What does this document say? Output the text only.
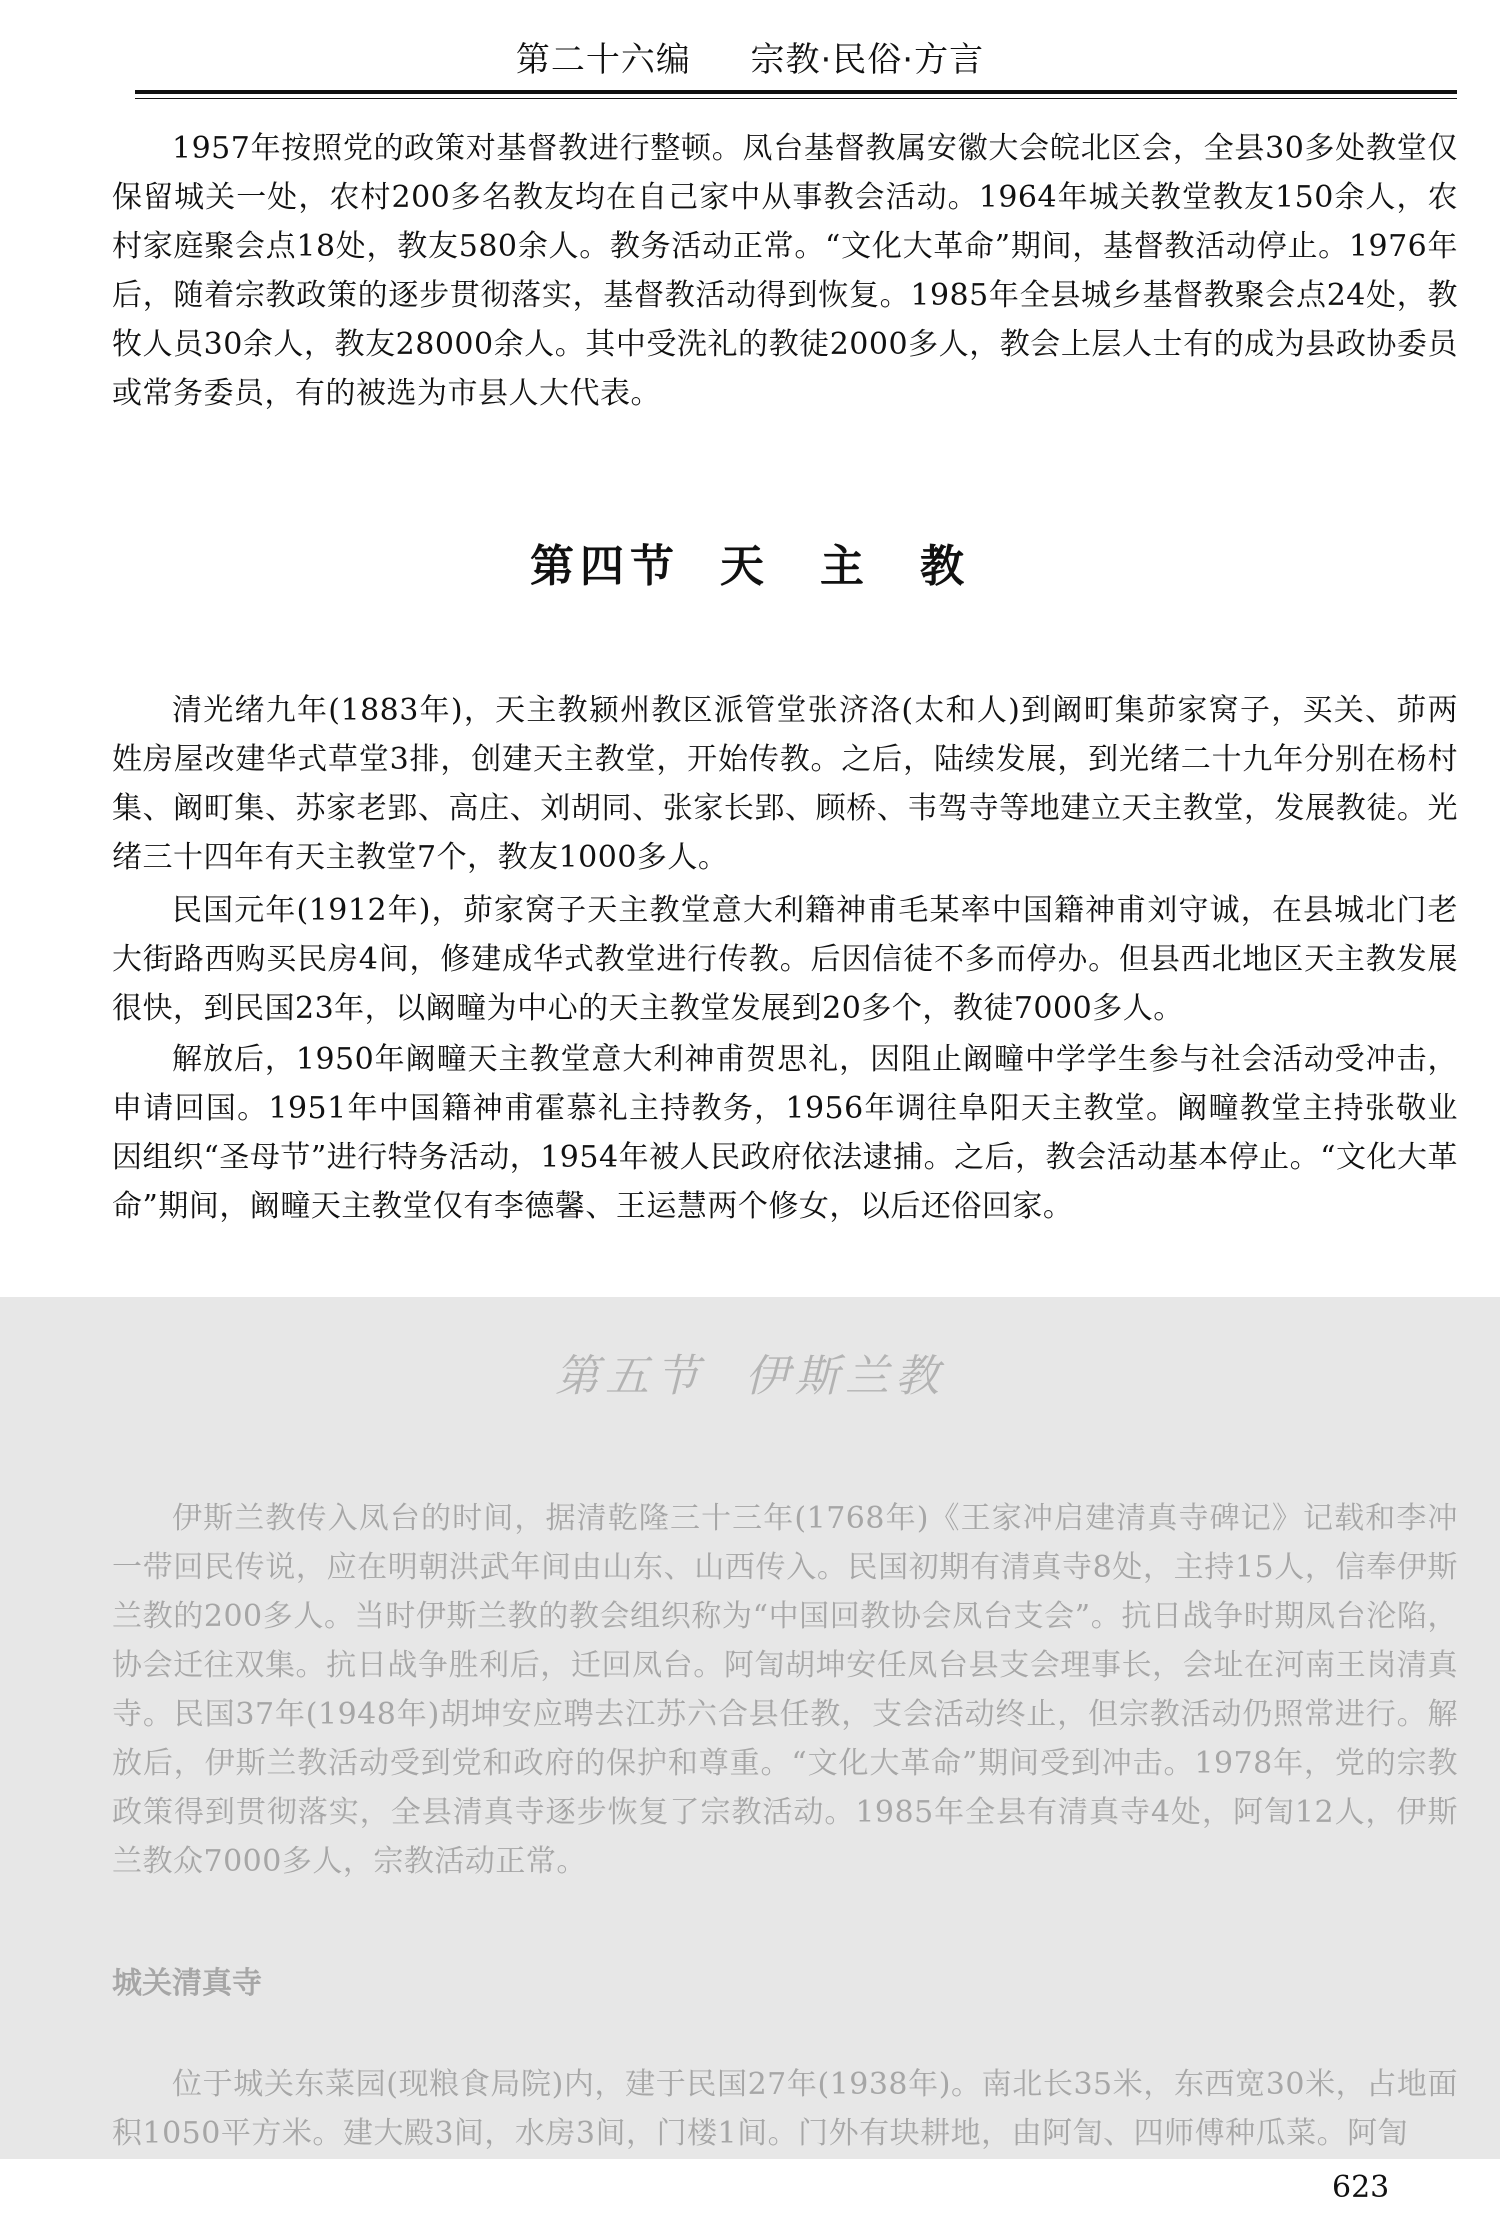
第二十六编 宗教·民俗·方言

1957年按照党的政策对基督教进行整顿。凤台基督教属安徽大会皖北区会，全县30多处教堂仅保留城关一处，农村200多名教友均在自己家中从事教会活动。1964年城关教堂教友150余人，农村家庭聚会点18处，教友580余人。教务活动正常。“文化大革命”期间，基督教活动停止。1976年后，随着宗教政策的逐步贯彻落实，基督教活动得到恢复。1985年全县城乡基督教聚会点24处，教牧人员30余人，教友28000余人。其中受洗礼的教徒2000多人，教会上层人士有的成为县政协委员或常务委员，有的被选为市县人大代表。

第四节 天　主　教

清光绪九年(1883年)，天主教颍州教区派管堂张济洛(太和人)到阚町集茆家窝子，买关、茆两姓房屋改建华式草堂3排，创建天主教堂，开始传教。之后，陆续发展，到光绪二十九年分别在杨村集、阚町集、苏家老郢、高庄、刘胡同、张家长郢、顾桥、韦驾寺等地建立天主教堂，发展教徒。光绪三十四年有天主教堂7个，教友1000多人。

民国元年(1912年)，茆家窝子天主教堂意大利籍神甫毛某率中国籍神甫刘守诚，在县城北门老大街路西购买民房4间，修建成华式教堂进行传教。后因信徒不多而停办。但县西北地区天主教发展很快，到民国23年，以阚疃为中心的天主教堂发展到20多个，教徒7000多人。

解放后，1950年阚疃天主教堂意大利神甫贺思礼，因阻止阚疃中学学生参与社会活动受冲击，申请回国。1951年中国籍神甫霍慕礼主持教务，1956年调往阜阳天主教堂。阚疃教堂主持张敬业因组织“圣母节”进行特务活动，1954年被人民政府依法逮捕。之后，教会活动基本停止。“文化大革命”期间，阚疃天主教堂仅有李德馨、王运慧两个修女，以后还俗回家。

第五节 伊斯兰教

伊斯兰教传入凤台的时间，据清乾隆三十三年(1768年)《王家冲启建清真寺碑记》记载和李冲一带回民传说，应在明朝洪武年间由山东、山西传入。民国初期有清真寺8处，主持15人，信奉伊斯兰教的200多人。当时伊斯兰教的教会组织称为“中国回教协会凤台支会”。抗日战争时期凤台沦陷，协会迁往双集。抗日战争胜利后，迁回凤台。阿訇胡坤安任凤台县支会理事长，会址在河南王岗清真寺。民国37年(1948年)胡坤安应聘去江苏六合县任教，支会活动终止，但宗教活动仍照常进行。解放后，伊斯兰教活动受到党和政府的保护和尊重。“文化大革命”期间受到冲击。1978年，党的宗教政策得到贯彻落实，全县清真寺逐步恢复了宗教活动。1985年全县有清真寺4处，阿訇12人，伊斯兰教众7000多人，宗教活动正常。

城关清真寺

位于城关东菜园(现粮食局院)内，建于民国27年(1938年)。南北长35米，东西宽30米，占地面积1050平方米。建大殿3间，水房3间，门楼1间。门外有块耕地，由阿訇、四师傅种瓜菜。阿訇

623
